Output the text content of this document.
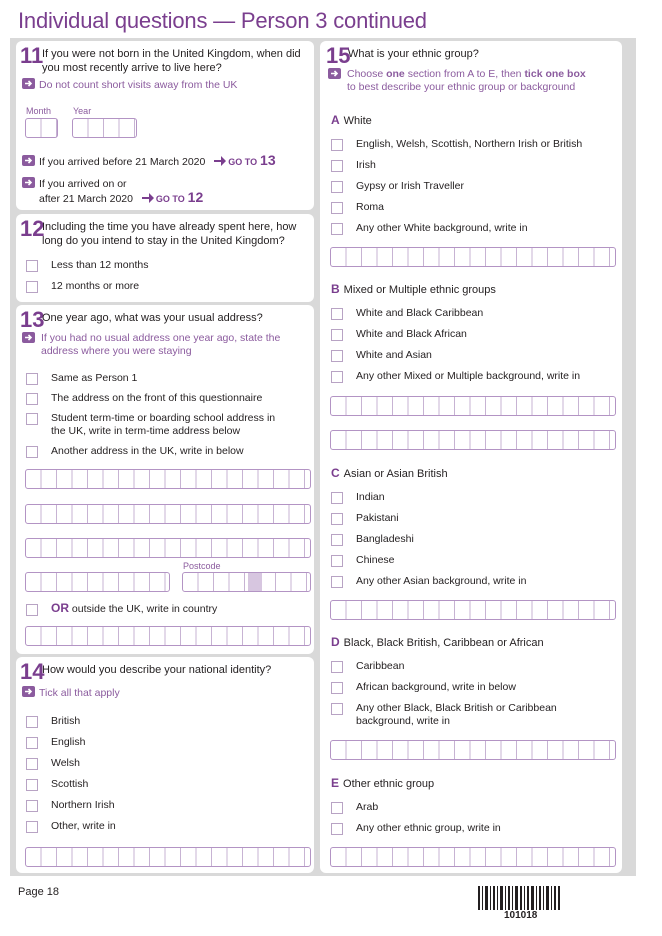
Individual questions — Person 3 continued
11
If you were not born in the United Kingdom, when did you most recently arrive to live here?
Do not count short visits away from the UK
Month Year
If you arrived before 21 March 2020	GO TO 13
If you arrived on or
after 21 March 2020	GO TO 12
12
Including the time you have already spent here, how long do you intend to stay in the United Kingdom?
Less than 12 months
12 months or more
13
One year ago, what was your usual address?
If you had no usual address one year ago, state the address where you were staying
Same as Person 1
The address on the front of this questionnaire
Student term-time or boarding school address in the UK, write in term-time address below
Another address in the UK, write in below
Postcode
OR outside the UK, write in country
14
How would you describe your national identity?
Tick all that apply
British
English
Welsh
Scottish
Northern Irish
Other, write in
15
What is your ethnic group?
Choose one section from A to E, then tick one box
to best describe your ethnic group or background
A White
English, Welsh, Scottish, Northern Irish or British
Irish
Gypsy or Irish Traveller
Roma
Any other White background, write in
B Mixed or Multiple ethnic groups
White and Black Caribbean
White and Black African
White and Asian
Any other Mixed or Multiple background, write in
C Asian or Asian British
Indian
Pakistani
Bangladeshi
Chinese
Any other Asian background, write in
D Black, Black British, Caribbean or African
Caribbean
African background, write in below
Any other Black, Black British or Caribbean background, write in
E Other ethnic group
Arab
Any other ethnic group, write in
Page 18
101018
